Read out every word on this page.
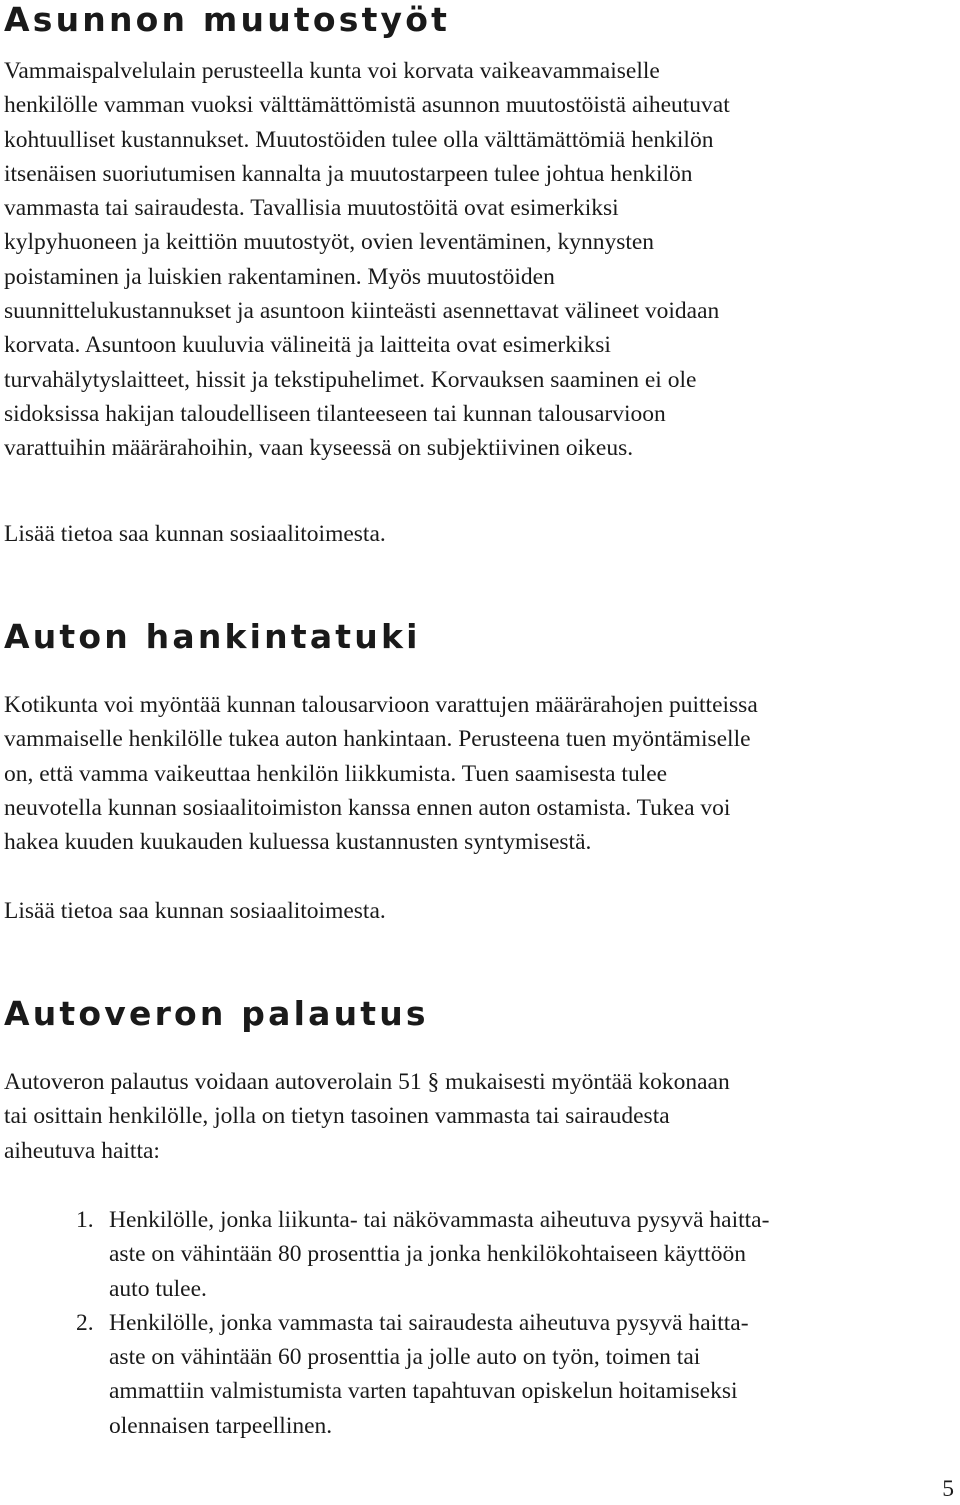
Asunnon muutostyöt

Vammaispalvelulain perusteella kunta voi korvata vaikeavammaiselle
henkilölle vamman vuoksi välttämättömistä asunnon muutostöistä aiheutuvat
kohtuulliset kustannukset. Muutostöiden tulee olla välttämättömiä henkilön
itsenäisen suoriutumisen kannalta ja muutostarpeen tulee johtua henkilön
vammasta tai sairaudesta. Tavallisia muutostöitä ovat esimerkiksi
kylpyhuoneen ja keittiön muutostyöt, ovien leventäminen, kynnysten
poistaminen ja luiskien rakentaminen. Myös muutostöiden
suunnittelukustannukset ja asuntoon kiinteästi asennettavat välineet voidaan
korvata. Asuntoon kuuluvia välineitä ja laitteita ovat esimerkiksi
turvahälytyslaitteet, hissit ja tekstipuhelimet. Korvauksen saaminen ei ole
sidoksissa hakijan taloudelliseen tilanteeseen tai kunnan talousarvioon
varattuihin määrärahoihin, vaan kyseessä on subjektiivinen oikeus.

Lisää tietoa saa kunnan sosiaalitoimesta.

Auton hankintatuki

Kotikunta voi myöntää kunnan talousarvioon varattujen määrärahojen puitteissa
vammaiselle henkilölle tukea auton hankintaan. Perusteena tuen myöntämiselle
on, että vamma vaikeuttaa henkilön liikkumista. Tuen saamisesta tulee
neuvotella kunnan sosiaalitoimiston kanssa ennen auton ostamista. Tukea voi
hakea kuuden kuukauden kuluessa kustannusten syntymisestä.

Lisää tietoa saa kunnan sosiaalitoimesta.

Autoveron palautus

Autoveron palautus voidaan autoverolain 51 § mukaisesti myöntää kokonaan
tai osittain henkilölle, jolla on tietyn tasoinen vammasta tai sairaudesta
aiheutuva haitta:

1. Henkilölle, jonka liikunta- tai näkövammasta aiheutuva pysyvä haitta-
aste on vähintään 80 prosenttia ja jonka henkilökohtaiseen käyttöön
auto tulee.
2. Henkilölle, jonka vammasta tai sairaudesta aiheutuva pysyvä haitta-
aste on vähintään 60 prosenttia ja jolle auto on työn, toimen tai
ammattiin valmistumista varten tapahtuvan opiskelun hoitamiseksi
olennaisen tarpeellinen.
5
